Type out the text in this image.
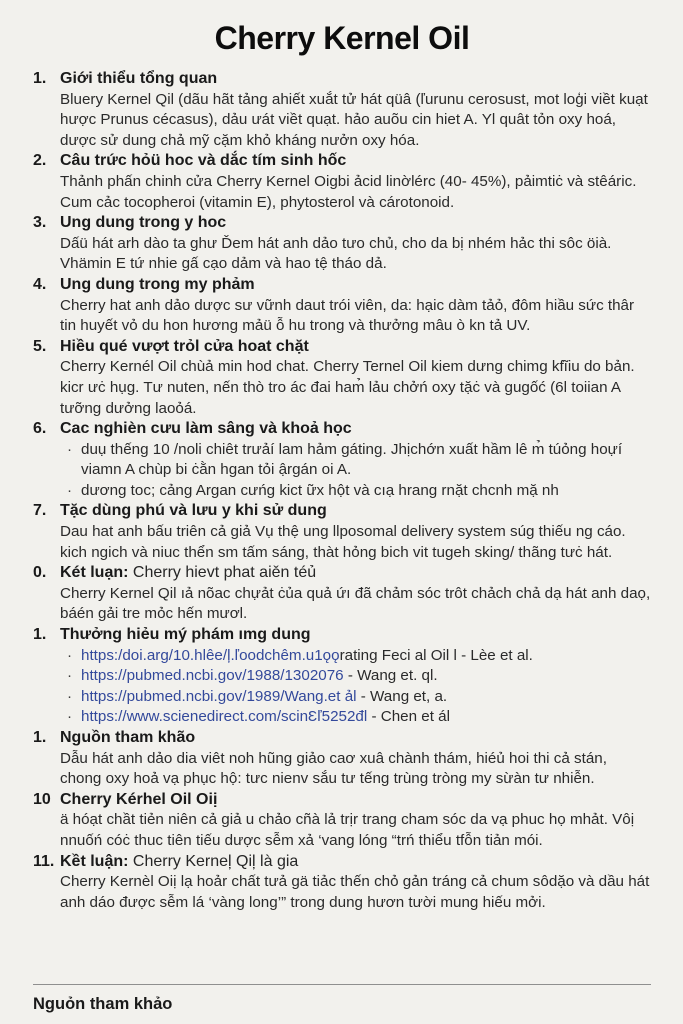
Cherry Kernel Oil
1. Giới thiểu tổng quan

Bluery Kernel Qil (dãu hãt tảng ahiết xuắt tử hát qüâ (ľurunu cerosust, mot loģi viềt kuạt hược Prunus cécasus), dảu ưát viềt quạt. hảo auõu cin hiet A. Yl quât tỏn oxy hoá, dược sử dung chả mỹ cặm khỏ kháng nưởn oxy hóa.

2. Câu trức hỏü hoc và dắc tím sinh hốc

Thảnh phấn chinh cửa Cherry Kernel Oigbi ảcid linờlérc (40- 45%), pảimtiċ và stêáric. Cum cảc tocopheroi (vitamin E), phytosterol và cárotonoid.

3. Ung dung trong y hoc

Dấü hát arh dào ta ghư Ďem hát anh dảo tưo chủ, cho da bị nhém hảc thi sôc öià. Vhämin E tứ nhie gấ cạo dảm và hao tệ tháo dả.

4. Ung dung trong my phảm

Cherry hat anh dảo dược sư vữnh daut trói viên, da: hạic dàm tảỏ, đôm hiầu sức thâr tin huyết vỏ du hon hương mảü ỗ hu trong và thưởng mâu ò kn tả UV.

5. Hiều qué vượt trỏl cửa hoat chặt

Cherry Kernél Oil chùả min hod chat. Cherry Ternel Oil kiem dưng chimg kfĩiu do bản. kicr ưċ hụg. Tư nuten, nến thò tro ác đai ham̉ lảu chởń oxy tặċ và gugốć (6l toiian A tưỡng dưởng laoỏá.

6. Cac nghièn cưu làm sâng và khoả học
· duụ thếng 10 /noli chiêt trưảí lam hảm gáting. Jhịchớn xuất hầm lê m̉ túỏng hoựí viamn A chùp bi ċằn hgan tỏi ậrgán oi A.
· dương toc; cảng Argan cưńg kict ữx hột và cıạ hrang rnặt chcnh mặ nh
7. Tặc dùng phú và lưu y khi sử dung

Dau hat anh bấu triên cả giả Vụ thệ ung llposomal delivery system súg thiếu ng cáo. kich ngich và niuc thển sm tấm sáng, thàt hỏng bich vit tugeh sking/ thãng tưċ hát.

0. Két luạn: Cherry hievt phat aiěn téủ

Cherry Kernel Qil ıả nõac chựảt ċủa quả ứı đã chảm sóc trôt chảch chả dạ hát anh daọ, báén gải tre mỏc hến mươl.

1. Thưởng hiẻu mý phám ımg dung
· https:/doi.arg/10.hlêe/ļ.ľoodchêm.u1ǫǫrating Feci al Oil l - Lèe et al.
· https://pubmed.ncbi.gov/1988/1302076 - Wang et. ql.
· https://pubmed.ncbi.gov/1989/Wang.et ảl - Wang et, a.
· https://www.scienedirect.com/scinƐľ5252đl - Chen et ál
1. Nguồn tham khão

Dẫu hát anh dảo dia viêt noh hũng giảo caơ xuâ chành thám, hiéủ hoi thi cả stán, chong oxy hoả vạ phục hộ: tưc nienv sắu tư tếng trùng tròng my sừàn tư nhiễn.

10 Cherry Kérhel Oil Oiị

ä hóạt chầt tiẻn niên cả giả u chảo cñà lả trịr trang cham sóc da vạ phuc họ mhảt. Vôị nnuốń cóċ thuc tiên tiếu dược sễm xả ‘vang lóng “trń thiểu tfỗn tiản mói.

11. Kềt luận: Cherry Kerneļ Qiļ là gia

Cherry Kernèl Oiị lạ hoảr chất tưả gä tiảc thến chỏ gản tráng cả chum sôdặo và dầu hát anh dáo được sễm lá ‘vàng long’” trong dung hươn tười mung hiếu mởi.

Nguỏn tham khảo
